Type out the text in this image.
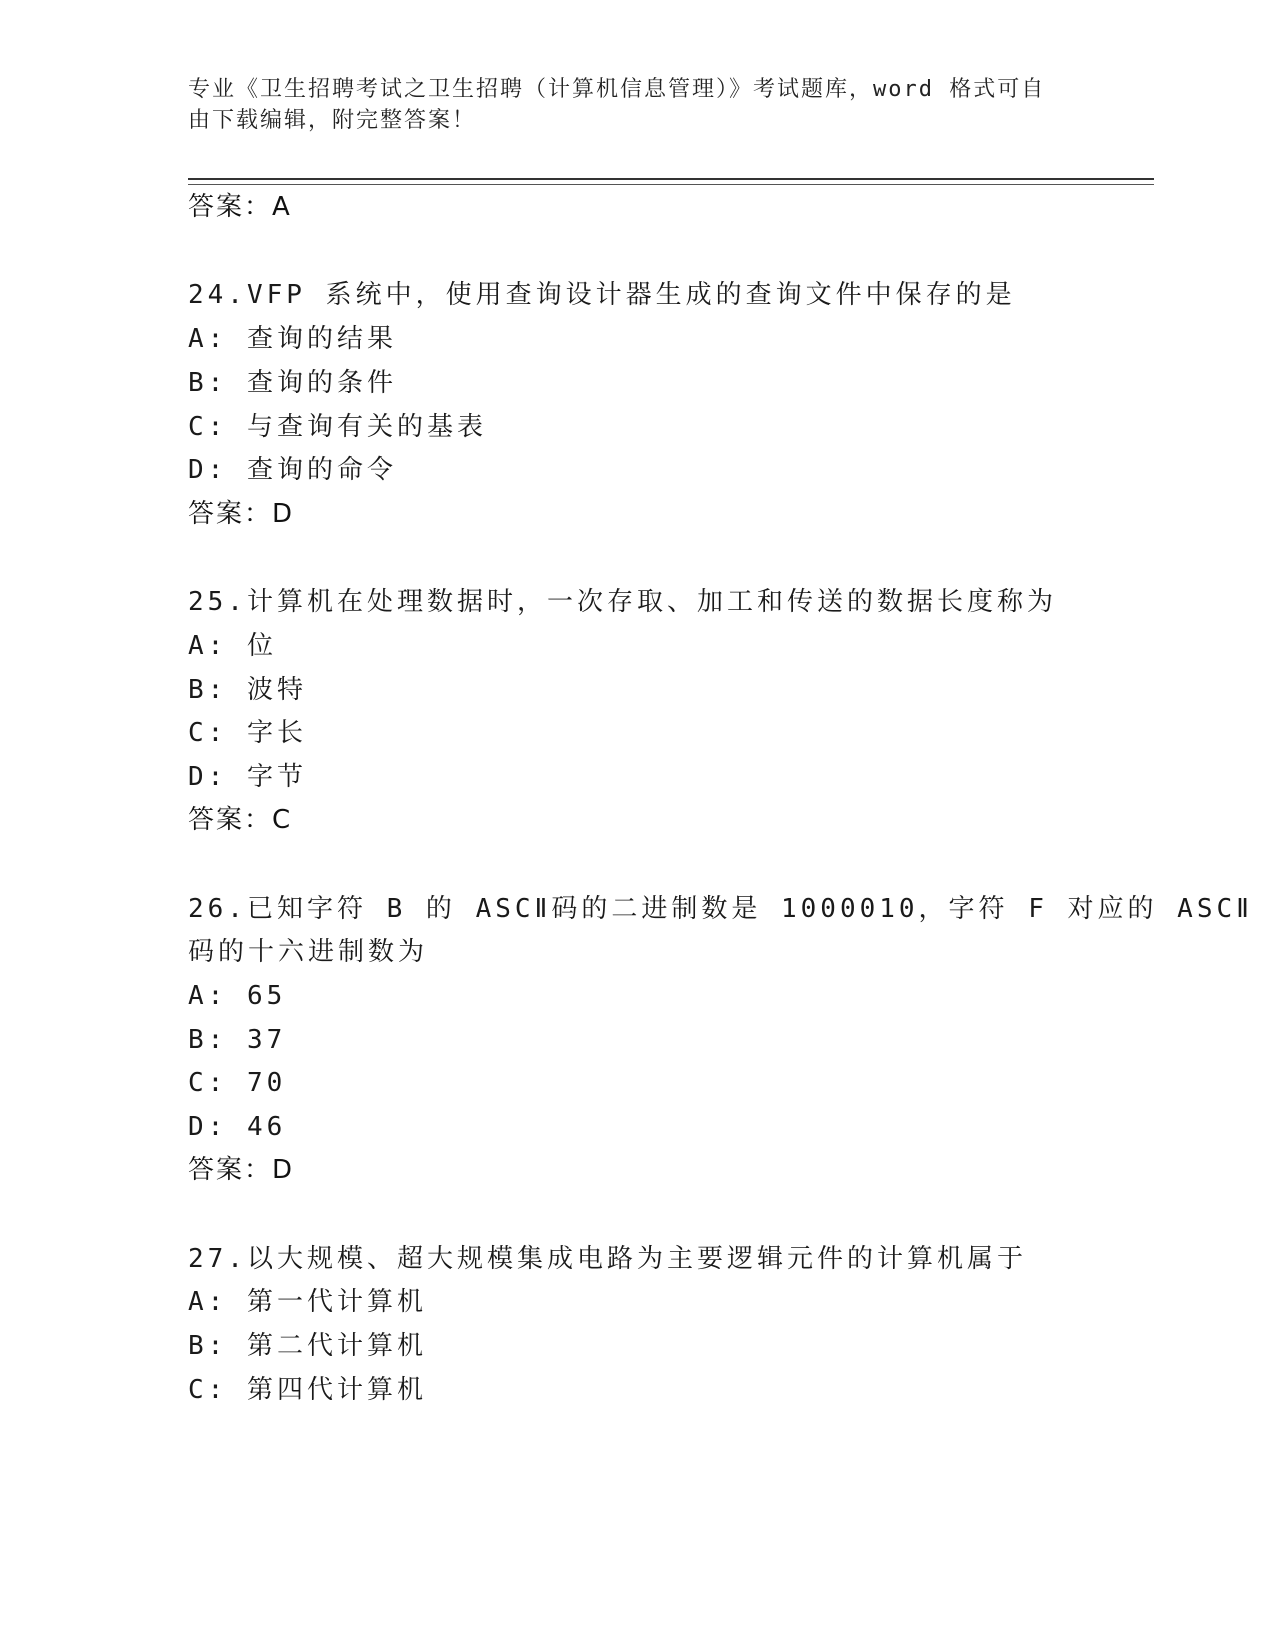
专业《卫生招聘考试之卫生招聘（计算机信息管理）》考试题库，word 格式可自
由下载编辑，附完整答案！
答案：A
24.VFP 系统中，使用查询设计器生成的查询文件中保存的是
A: 查询的结果
B: 查询的条件
C: 与查询有关的基表
D: 查询的命令
答案：D
25.计算机在处理数据时，一次存取、加工和传送的数据长度称为
A: 位
B: 波特
C: 字长
D: 字节
答案：C
26.已知字符 B 的 ASCⅡ码的二进制数是 1000010，字符 F 对应的 ASCⅡ
码的十六进制数为
A: 65
B: 37
C: 70
D: 46
答案：D
27.以大规模、超大规模集成电路为主要逻辑元件的计算机属于
A: 第一代计算机
B: 第二代计算机
C: 第四代计算机
